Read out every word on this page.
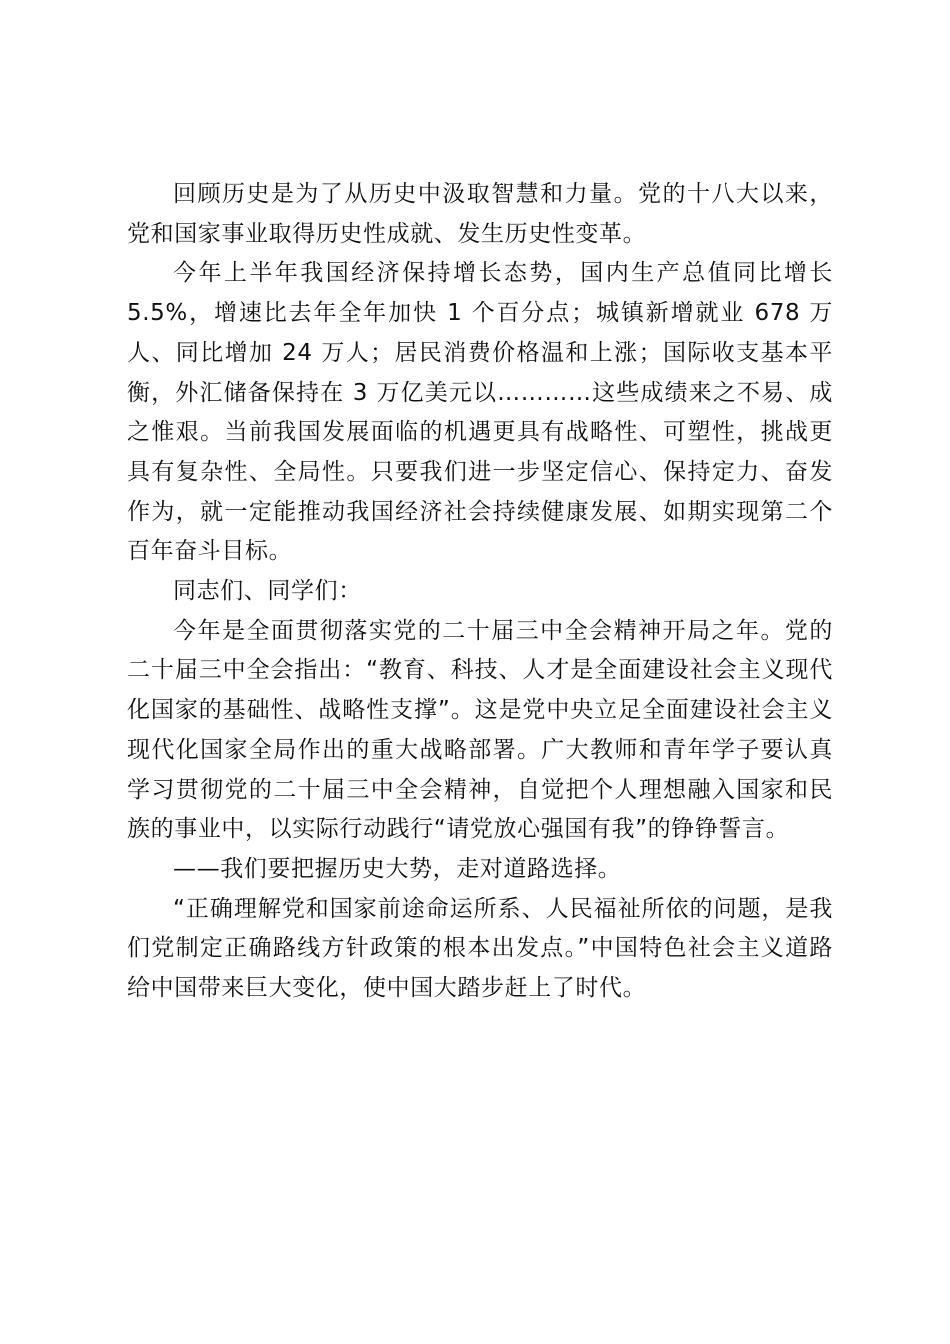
回顾历史是为了从历史中汲取智慧和力量。党的十八大以来，党和国家事业取得历史性成就、发生历史性变革。

今年上半年我国经济保持增长态势，国内生产总值同比增长 5.5%，增速比去年全年加快 1 个百分点；城镇新增就业 678 万人、同比增加 24 万人；居民消费价格温和上涨；国际收支基本平衡，外汇储备保持在 3 万亿美元以…………这些成绩来之不易、成之惟艰。当前我国发展面临的机遇更具有战略性、可塑性，挑战更具有复杂性、全局性。只要我们进一步坚定信心、保持定力、奋发作为，就一定能推动我国经济社会持续健康发展、如期实现第二个百年奋斗目标。

同志们、同学们：

今年是全面贯彻落实党的二十届三中全会精神开局之年。党的二十届三中全会指出：“教育、科技、人才是全面建设社会主义现代化国家的基础性、战略性支撑”。这是党中央立足全面建设社会主义现代化国家全局作出的重大战略部署。广大教师和青年学子要认真学习贯彻党的二十届三中全会精神，自觉把个人理想融入国家和民族的事业中，以实际行动践行“请党放心强国有我”的铮铮誓言。

——我们要把握历史大势，走对道路选择。

“正确理解党和国家前途命运所系、人民福祉所依的问题，是我们党制定正确路线方针政策的根本出发点。”中国特色社会主义道路给中国带来巨大变化，使中国大踏步赶上了时代。
